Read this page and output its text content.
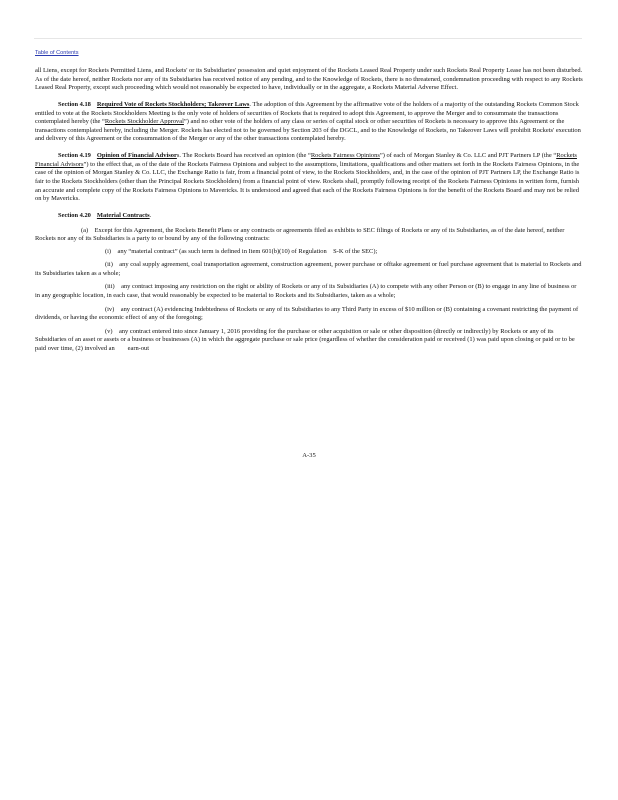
Table of Contents

all Liens, except for Rockets Permitted Liens, and Rockets' or its Subsidiaries' possession and quiet enjoyment of the Rockets Leased Real Property under such Rockets Real Property Lease has not been disturbed. As of the date hereof, neither Rockets nor any of its Subsidiaries has received notice of any pending, and to the Knowledge of Rockets, there is no threatened, condemnation proceeding with respect to any Rockets Leased Real Property, except such proceeding which would not reasonably be expected to have, individually or in the aggregate, a Rockets Material Adverse Effect.

Section 4.18 Required Vote of Rockets Stockholders; Takeover Laws. The adoption of this Agreement by the affirmative vote of the holders of a majority of the outstanding Rockets Common Stock entitled to vote at the Rockets Stockholders Meeting is the only vote of holders of securities of Rockets that is required to adopt this Agreement, to approve the Merger and to consummate the transactions contemplated hereby (the “Rockets Stockholder Approval”) and no other vote of the holders of any class or series of capital stock or other securities of Rockets is necessary to approve this Agreement or the transactions contemplated hereby, including the Merger. Rockets has elected not to be governed by Section 203 of the DGCL, and to the Knowledge of Rockets, no Takeover Laws will prohibit Rockets' execution and delivery of this Agreement or the consummation of the Merger or any of the other transactions contemplated hereby.

Section 4.19 Opinion of Financial Advisors. The Rockets Board has received an opinion (the “Rockets Fairness Opinions”) of each of Morgan Stanley & Co. LLC and PJT Partners LP (the “Rockets Financial Advisors”) to the effect that, as of the date of the Rockets Fairness Opinions and subject to the assumptions, limitations, qualifications and other matters set forth in the Rockets Fairness Opinions, in the case of the opinion of Morgan Stanley & Co. LLC, the Exchange Ratio is fair, from a financial point of view, to the Rockets Stockholders, and, in the case of the opinion of PJT Partners LP, the Exchange Ratio is fair to the Rockets Stockholders (other than the Principal Rockets Stockholders) from a financial point of view. Rockets shall, promptly following receipt of the Rockets Fairness Opinions in written form, furnish an accurate and complete copy of the Rockets Fairness Opinions to Mavericks. It is understood and agreed that each of the Rockets Fairness Opinions is for the benefit of the Rockets Board and may not be relied on by Mavericks.

Section 4.20 Material Contracts.

(a) Except for this Agreement, the Rockets Benefit Plans or any contracts or agreements filed as exhibits to SEC filings of Rockets or any of its Subsidiaries, as of the date hereof, neither Rockets nor any of its Subsidiaries is a party to or bound by any of the following contracts:

(i) any “material contract” (as such term is defined in Item 601(b)(10) of Regulation S-K of the SEC);

(ii) any coal supply agreement, coal transportation agreement, construction agreement, power purchase or offtake agreement or fuel purchase agreement that is material to Rockets and its Subsidiaries taken as a whole;

(iii) any contract imposing any restriction on the right or ability of Rockets or any of its Subsidiaries (A) to compete with any other Person or (B) to engage in any line of business or in any geographic location, in each case, that would reasonably be expected to be material to Rockets and its Subsidiaries, taken as a whole;

(iv) any contract (A) evidencing Indebtedness of Rockets or any of its Subsidiaries to any Third Party in excess of $10 million or (B) containing a covenant restricting the payment of dividends, or having the economic effect of any of the foregoing;

(v) any contract entered into since January 1, 2016 providing for the purchase or other acquisition or sale or other disposition (directly or indirectly) by Rockets or any of its Subsidiaries of an asset or assets or a business or businesses (A) in which the aggregate purchase or sale price (regardless of whether the consideration paid or received (1) was paid upon closing or paid or to be paid over time, (2) involved an  earn-out

A-35
